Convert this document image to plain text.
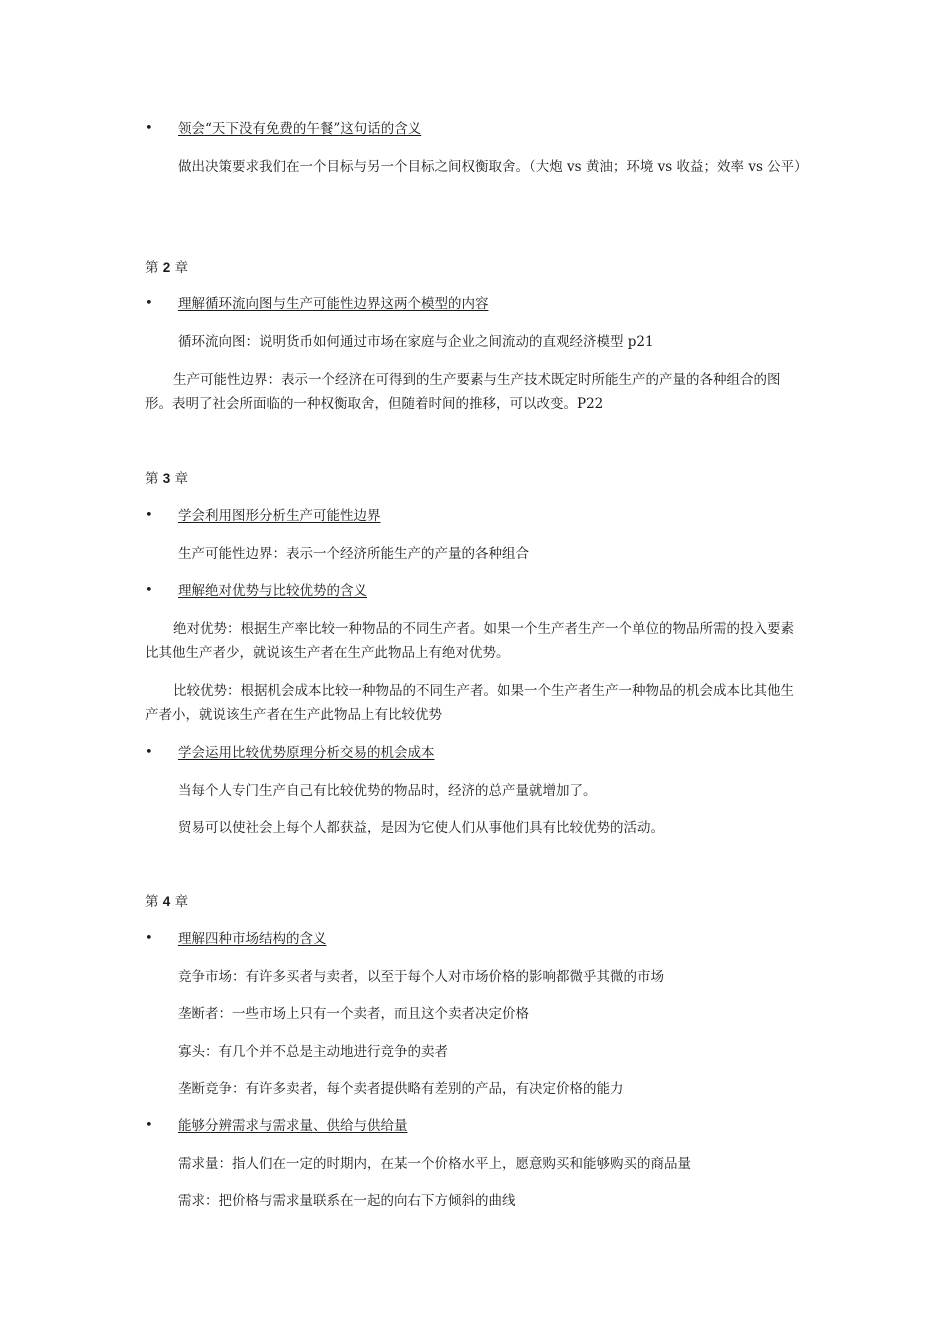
• 领会“天下没有免费的午餐”这句话的含义
做出决策要求我们在一个目标与另一个目标之间权衡取舍。（大炮 vs 黄油；环境 vs 收益；效率 vs 公平）
第 2 章
• 理解循环流向图与生产可能性边界这两个模型的内容
循环流向图：说明货币如何通过市场在家庭与企业之间流动的直观经济模型 p21
生产可能性边界：表示一个经济在可得到的生产要素与生产技术既定时所能生产的产量的各种组合的图形。表明了社会所面临的一种权衡取舍，但随着时间的推移，可以改变。P22
第 3 章
• 学会利用图形分析生产可能性边界
生产可能性边界：表示一个经济所能生产的产量的各种组合
• 理解绝对优势与比较优势的含义
绝对优势：根据生产率比较一种物品的不同生产者。如果一个生产者生产一个单位的物品所需的投入要素比其他生产者少，就说该生产者在生产此物品上有绝对优势。
比较优势：根据机会成本比较一种物品的不同生产者。如果一个生产者生产一种物品的机会成本比其他生产者小，就说该生产者在生产此物品上有比较优势
• 学会运用比较优势原理分析交易的机会成本
当每个人专门生产自己有比较优势的物品时，经济的总产量就增加了。
贸易可以使社会上每个人都获益，是因为它使人们从事他们具有比较优势的活动。
第 4 章
• 理解四种市场结构的含义
竞争市场：有许多买者与卖者，以至于每个人对市场价格的影响都微乎其微的市场
垄断者：一些市场上只有一个卖者，而且这个卖者决定价格
寡头：有几个并不总是主动地进行竞争的卖者
垄断竞争：有许多卖者，每个卖者提供略有差别的产品，有决定价格的能力
• 能够分辨需求与需求量、供给与供给量
需求量：指人们在一定的时期内，在某一个价格水平上，愿意购买和能够购买的商品量
需求：把价格与需求量联系在一起的向右下方倾斜的曲线
